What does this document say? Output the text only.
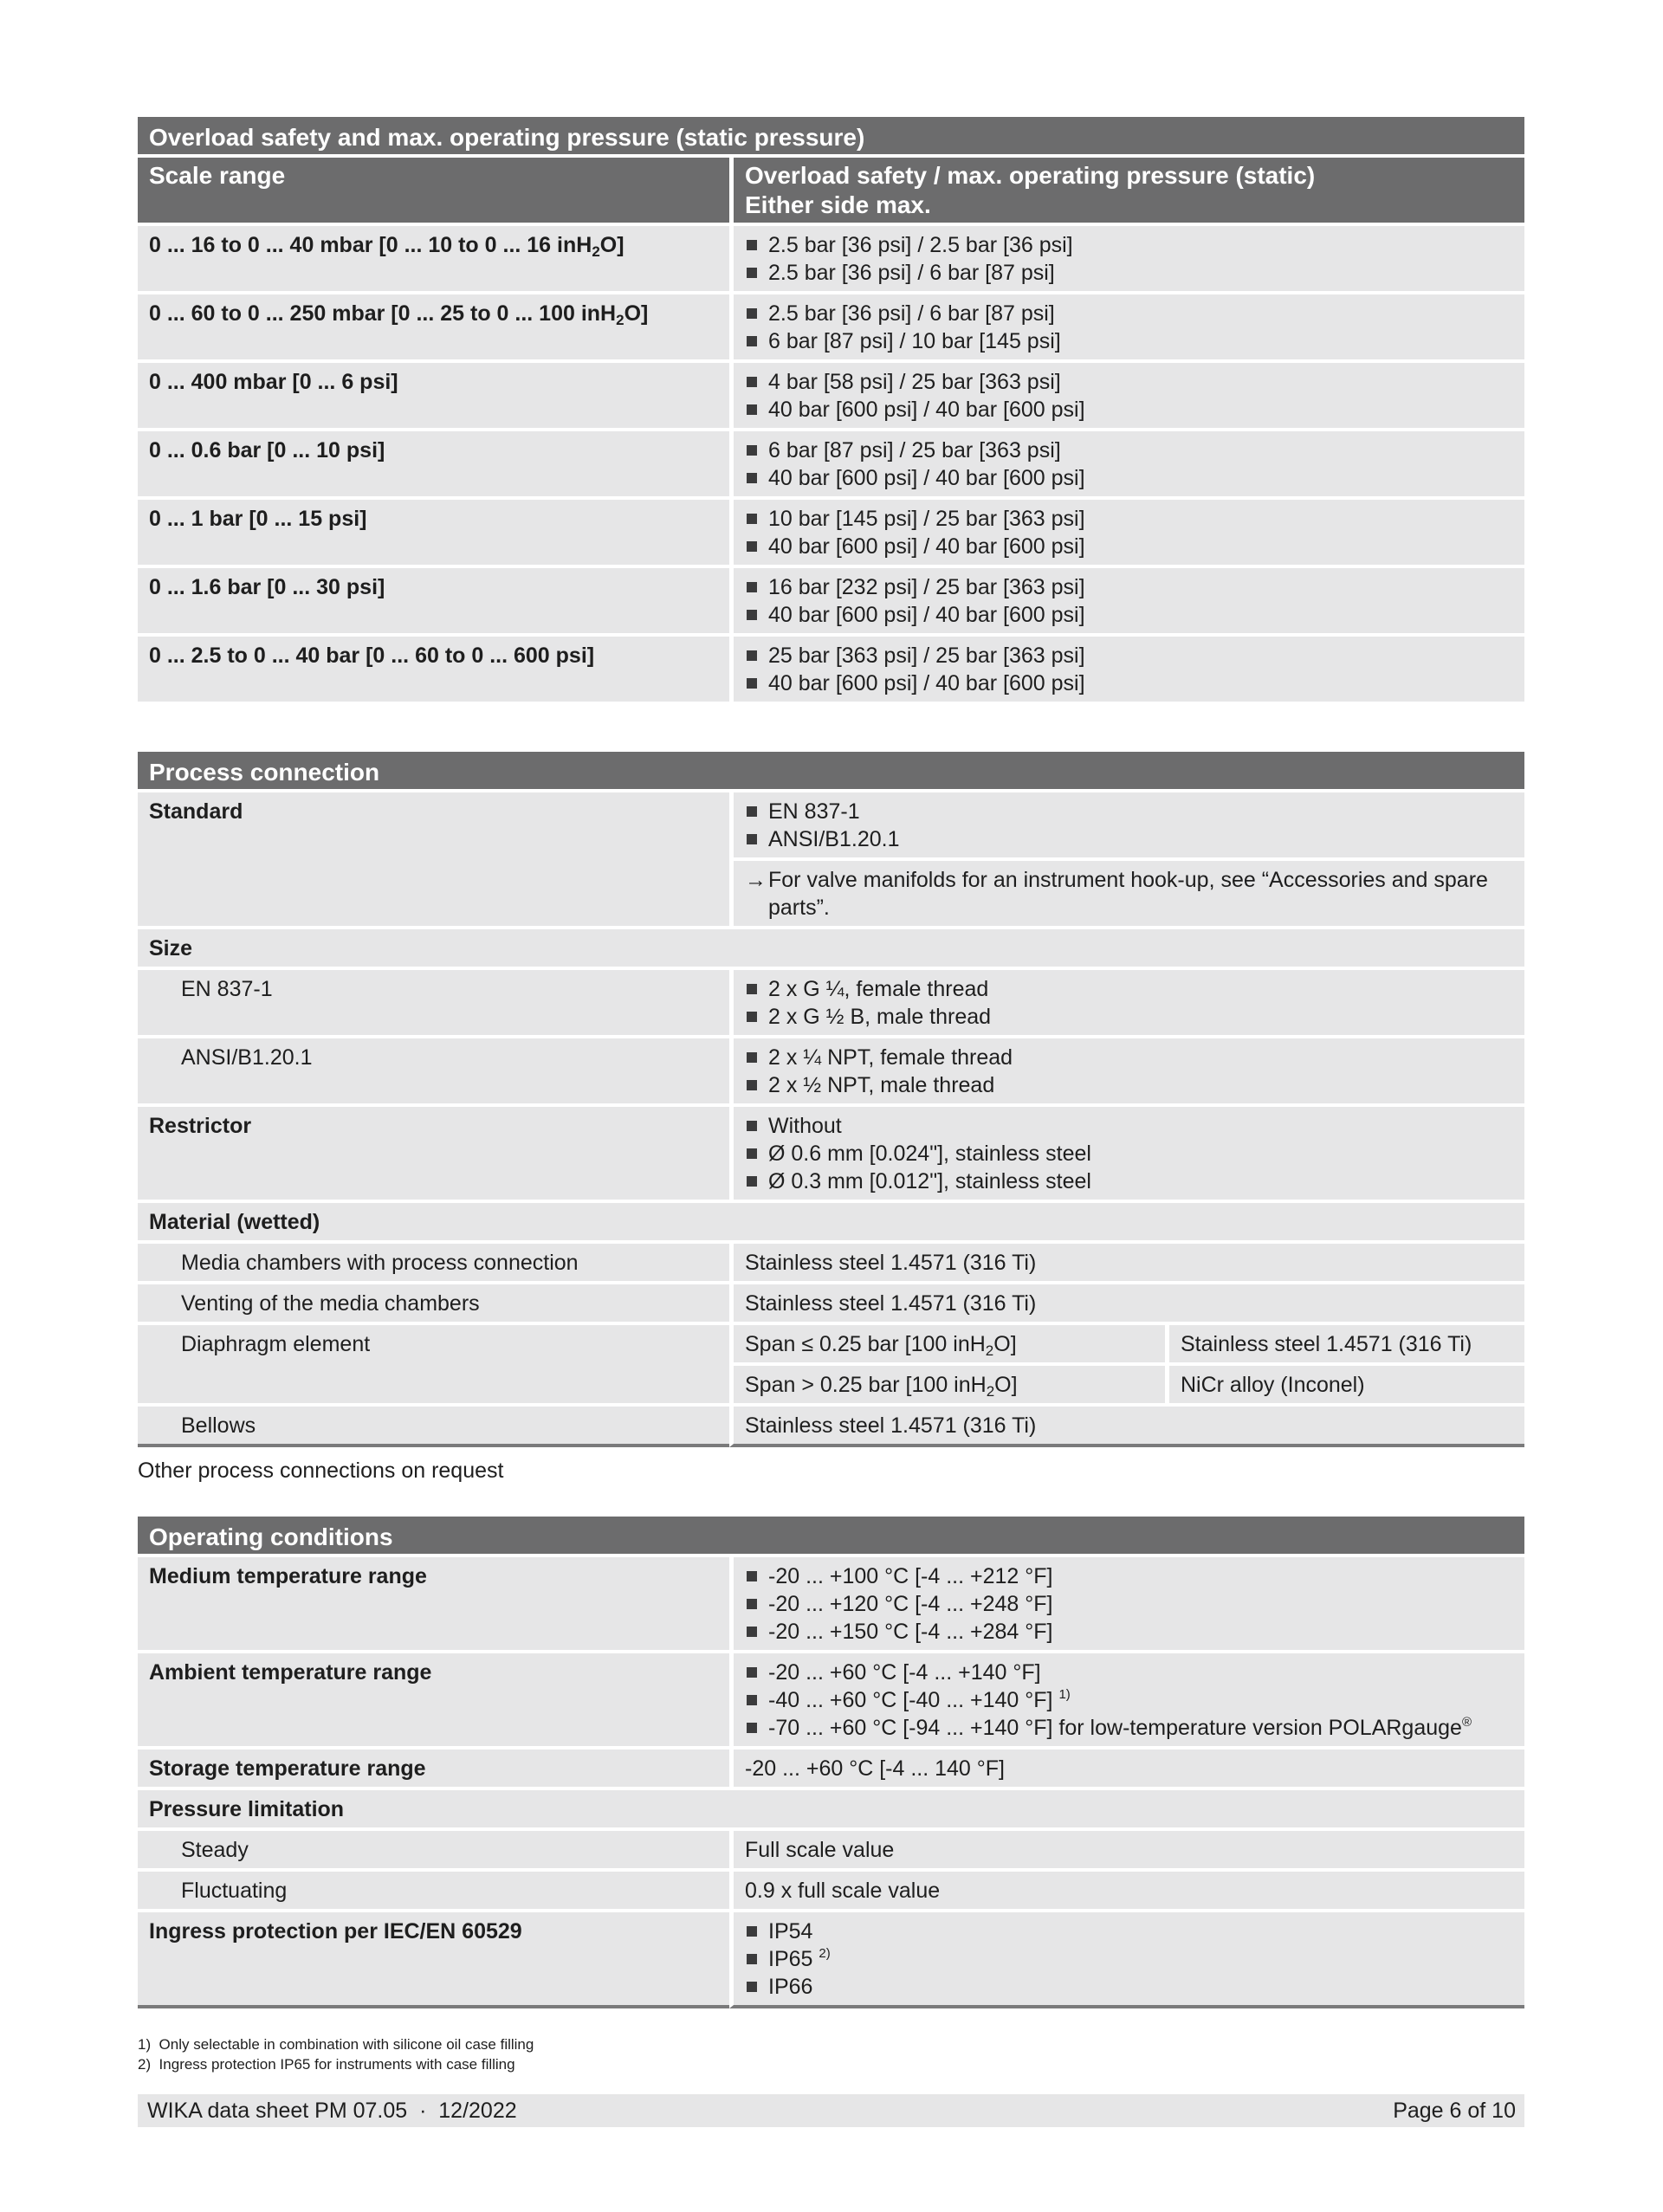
Overload safety and max. operating pressure (static pressure)	
Scale range	Overload safety / max. operating pressure (static)
Either side max.

0 ... 16 to 0 ... 40 mbar [0 ... 10 to 0 ... 16 inH$_2$O]	2.5 bar [36 psi] / 2.5 bar [36 psi]
2.5 bar [36 psi] / 6 bar [87 psi]

0 ... 60 to 0 ... 250 mbar [0 ... 25 to 0 ... 100 inH$_2$O]	2.5 bar [36 psi] / 6 bar [87 psi]
6 bar [87 psi] / 10 bar [145 psi]

0 ... 400 mbar [0 ... 6 psi]	4 bar [58 psi] / 25 bar [363 psi]
40 bar [600 psi] / 40 bar [600 psi]

0 ... 0.6 bar [0 ... 10 psi]	6 bar [87 psi] / 25 bar [363 psi]
40 bar [600 psi] / 40 bar [600 psi]

0 ... 1 bar [0 ... 15 psi]	10 bar [145 psi] / 25 bar [363 psi]
40 bar [600 psi] / 40 bar [600 psi]

0 ... 1.6 bar [0 ... 30 psi]	16 bar [232 psi] / 25 bar [363 psi]
40 bar [600 psi] / 40 bar [600 psi]

0 ... 2.5 to 0 ... 40 bar [0 ... 60 to 0 ... 600 psi]	25 bar [363 psi] / 25 bar [363 psi]
40 bar [600 psi] / 40 bar [600 psi]
Process connection		
Standard	EN 837-1
ANSI/B1.20.1	

	→ For valve manifolds for an instrument hook-up, see “Accessories and spare parts”.	

Size		
EN 837-1	2 x G ¼, female thread
2 x G ½ B, male thread	

ANSI/B1.20.1	2 x ¼ NPT, female thread
2 x ½ NPT, male thread	

Restrictor	Without
Ø 0.6 mm [0.024"], stainless steel
Ø 0.3 mm [0.012"], stainless steel	

Material (wetted)		
Media chambers with process connection	Stainless steel 1.4571 (316 Ti)	
Venting of the media chambers	Stainless steel 1.4571 (316 Ti)	
Diaphragm element	Span ≤ 0.25 bar [100 inH$_2$O]	Stainless steel 1.4571 (316 Ti)
	Span > 0.25 bar [100 inH$_2$O]	NiCr alloy (Inconel)
Bellows	Stainless steel 1.4571 (316 Ti)	
Other process connections on request
Operating conditions	
Medium temperature range	-20 ... +100 °C [-4 ... +212 °F]
-20 ... +120 °C [-4 ... +248 °F]
-20 ... +150 °C [-4 ... +284 °F]

Ambient temperature range	-20 ... +60 °C [-4 ... +140 °F]
-40 ... +60 °C [-40 ... +140 °F] $^{1)}$
-70 ... +60 °C [-94 ... +140 °F] for low-temperature version POLARgauge®

Storage temperature range	-20 ... +60 °C [-4 ... 140 °F]
Pressure limitation	
Steady	Full scale value
Fluctuating	0.9 x full scale value
Ingress protection per IEC/EN 60529	IP54
IP65 $^{2)}$
IP66
1)  Only selectable in combination with silicone oil case filling
2)  Ingress protection IP65 for instruments with case filling
WIKA data sheet PM 07.05  ·  12/2022	Page 6 of 10
